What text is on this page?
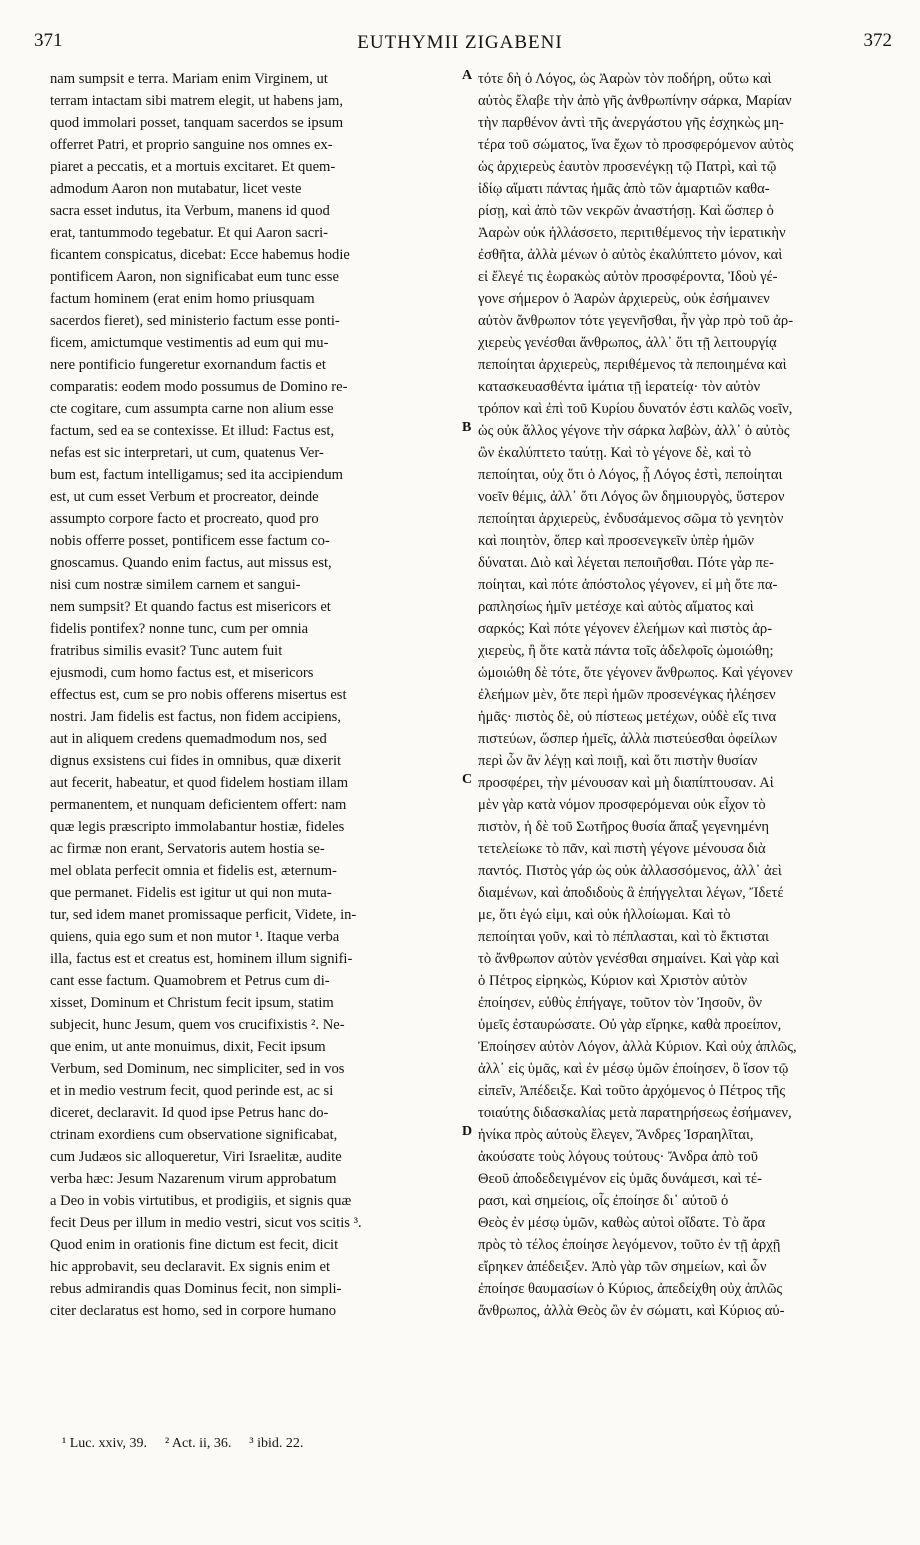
371	EUTHYMII ZIGABENI	372
nam sumpsit e terra. Mariam enim Virginem, ut
terram intactam sibi matrem elegit, ut habens jam,
quod immolari posset, tanquam sacerdos se ipsum
offerret Patri, et proprio sanguine nos omnes ex-
piaret a peccatis, et a mortuis excitaret. Et quem-
admodum Aaron non mutabatur, licet veste
sacra esset indutus, ita Verbum, manens id quod
erat, tantummodo tegebatur. Et qui Aaron sacri-
ficantem conspicatus, dicebat: Ecce habemus hodie
pontificem Aaron, non significabat eum tunc esse
factum hominem (erat enim homo priusquam
sacerdos fieret), sed ministerio factum esse ponti-
ficem, amictumque vestimentis ad eum qui mu-
nere pontificio fungeretur exornandum factis et
comparatis: eodem modo possumus de Domino re-
cte cogitare, cum assumpta carne non alium esse
factum, sed ea se contexisse. Et illud: Factus est,
nefas est sic interpretari, ut cum, quatenus Ver-
bum est, factum intelligamus; sed ita accipiendum
est, ut cum esset Verbum et procreator, deinde
assumpto corpore facto et procreato, quod pro
nobis offerre posset, pontificem esse factum co-
gnoscamus. Quando enim factus, aut missus est,
nisi cum nostræ similem carnem et sangui-
nem sumpsit? Et quando factus est misericors et
fidelis pontifex? nonne tunc, cum per omnia
fratribus similis evasit? Tunc autem fuit
ejusmodi, cum homo factus est, et misericors
effectus est, cum se pro nobis offerens misertus est
nostri. Jam fidelis est factus, non fidem accipiens,
aut in aliquem credens quemadmodum nos, sed
dignus exsistens cui fides in omnibus, quæ dixerit
aut fecerit, habeatur, et quod fidelem hostiam illam
permanentem, et nunquam deficientem offert: nam
quæ legis præscripto immolabantur hostiæ, fideles
ac firmæ non erant, Servatoris autem hostia se-
mel oblata perfecit omnia et fidelis est, æternum-
que permanet. Fidelis est igitur ut qui non muta-
tur, sed idem manet promissaque perficit, Videte, in-
quiens, quia ego sum et non mutor ¹. Itaque verba
illa, factus est et creatus est, hominem illum signifi-
cant esse factum. Quamobrem et Petrus cum di-
xisset, Dominum et Christum fecit ipsum, statim
subjecit, hunc Jesum, quem vos crucifixistis ². Ne-
que enim, ut ante monuimus, dixit, Fecit ipsum
Verbum, sed Dominum, nec simpliciter, sed in vos
et in medio vestrum fecit, quod perinde est, ac si
diceret, declaravit. Id quod ipse Petrus hanc do-
ctrinam exordiens cum observatione significabat,
cum Judæos sic alloqueretur, Viri Israelitæ, audite
verba hæc: Jesum Nazarenum virum approbatum
a Deo in vobis virtutibus, et prodigiis, et signis quæ
fecit Deus per illum in medio vestri, sicut vos scitis ³.
Quod enim in orationis fine dictum est fecit, dicit
hic approbavit, seu declaravit. Ex signis enim et
rebus admirandis quas Dominus fecit, non simpli-
citer declaratus est homo, sed in corpore humano
τότε δὴ ὁ Λόγος, ὡς Ἀαρὼν τὸν ποδήρη, οὕτω καὶ
αὐτὸς ἔλαβε τὴν ἀπὸ γῆς ἀνθρωπίνην σάρκα, Μαρίαν
τὴν παρθένον ἀντὶ τῆς ἀνεργάστου γῆς ἐσχηκὼς μη-
τέρα τοῦ σώματος, ἵνα ἔχων τὸ προσφερόμενον αὐτὸς
ὡς ἀρχιερεὺς ἑαυτὸν προσενέγκῃ τῷ Πατρὶ, καὶ τῷ
ἰδίῳ αἵματι πάντας ἡμᾶς ἀπὸ τῶν ἁμαρτιῶν καθα-
ρίσῃ, καὶ ἀπὸ τῶν νεκρῶν ἀναστήσῃ. Καὶ ὥσπερ ὁ
Ἀαρὼν οὐκ ἠλλάσσετο, περιτιθέμενος τὴν ἱερατικὴν
ἐσθῆτα, ἀλλὰ μένων ὁ αὐτὸς ἐκαλύπτετο μόνον, καὶ
εἰ ἔλεγέ τις ἑωρακὼς αὐτὸν προσφέροντα, Ἰδοὺ γέ-
γονε σήμερον ὁ Ἀαρὼν ἀρχιερεὺς, οὐκ ἐσήμαινεν
αὐτὸν ἄνθρωπον τότε γεγενῆσθαι, ἦν γὰρ πρὸ τοῦ ἀρ-
χιερεὺς γενέσθαι ἄνθρωπος, ἀλλ᾽ ὅτι τῇ λειτουργίᾳ
πεποίηται ἀρχιερεὺς, περιθέμενος τὰ πεποιημένα καὶ
κατασκευασθέντα ἱμάτια τῇ ἱερατείᾳ· τὸν αὐτὸν
τρόπον καὶ ἐπὶ τοῦ Κυρίου δυνατόν ἐστι καλῶς νοεῖν,
ὡς οὐκ ἄλλος γέγονε τὴν σάρκα λαβὼν, ἀλλ᾽ ὁ αὐτὸς
ὢν ἐκαλύπτετο ταύτῃ. Καὶ τὸ γέγονε δὲ, καὶ τὸ
πεποίηται, οὐχ ὅτι ὁ Λόγος, ᾗ Λόγος ἐστὶ, πεποίηται
νοεῖν θέμις, ἀλλ᾽ ὅτι Λόγος ὢν δημιουργὸς, ὕστερον
πεποίηται ἀρχιερεὺς, ἐνδυσάμενος σῶμα τὸ γενητὸν
καὶ ποιητὸν, ὅπερ καὶ προσενεγκεῖν ὑπὲρ ἡμῶν
δύναται. Διὸ καὶ λέγεται πεποιῆσθαι. Πότε γὰρ πε-
ποίηται, καὶ πότε ἀπόστολος γέγονεν, εἰ μὴ ὅτε πα-
ραπλησίως ἡμῖν μετέσχε καὶ αὐτὸς αἵματος καὶ
σαρκός; Καὶ πότε γέγονεν ἐλεήμων καὶ πιστὸς ἀρ-
χιερεὺς, ἢ ὅτε κατὰ πάντα τοῖς ἀδελφοῖς ὡμοιώθη;
ὡμοιώθη δὲ τότε, ὅτε γέγονεν ἄνθρωπος. Καὶ γέγονεν
ἐλεήμων μὲν, ὅτε περὶ ἡμῶν προσενέγκας ἠλέησεν
ἡμᾶς· πιστὸς δὲ, οὐ πίστεως μετέχων, οὐδὲ εἴς τινα
πιστεύων, ὥσπερ ἡμεῖς, ἀλλὰ πιστεύεσθαι ὀφείλων
περὶ ὧν ἂν λέγῃ καὶ ποιῇ, καὶ ὅτι πιστὴν θυσίαν
προσφέρει, τὴν μένουσαν καὶ μὴ διαπίπτουσαν. Αἱ
μὲν γὰρ κατὰ νόμον προσφερόμεναι οὐκ εἶχον τὸ
πιστὸν, ἡ δὲ τοῦ Σωτῆρος θυσία ἅπαξ γεγενημένη
τετελείωκε τὸ πᾶν, καὶ πιστὴ γέγονε μένουσα διὰ
παντός. Πιστὸς γάρ ὡς οὐκ ἀλλασσόμενος, ἀλλ᾽ ἀεὶ
διαμένων, καὶ ἀποδιδοὺς ἃ ἐπήγγελται λέγων, Ἴδετέ
με, ὅτι ἐγώ εἰμι, καὶ οὐκ ἠλλοίωμαι. Καὶ τὸ
πεποίηται γοῦν, καὶ τὸ πέπλασται, καὶ τὸ ἔκτισται
τὸ ἄνθρωπον αὐτὸν γενέσθαι σημαίνει. Καὶ γὰρ καὶ
ὁ Πέτρος εἰρηκὼς, Κύριον καὶ Χριστὸν αὐτὸν
ἐποίησεν, εὐθὺς ἐπήγαγε, τοῦτον τὸν Ἰησοῦν, ὃν
ὑμεῖς ἐσταυρώσατε. Οὐ γὰρ εἴρηκε, καθὰ προείπον,
Ἐποίησεν αὐτὸν Λόγον, ἀλλὰ Κύριον. Καὶ οὐχ ἁπλῶς,
ἀλλ᾽ εἰς ὑμᾶς, καὶ ἐν μέσῳ ὑμῶν ἐποίησεν, ὃ ἴσον τῷ
εἰπεῖν, Ἀπέδειξε. Καὶ τοῦτο ἀρχόμενος ὁ Πέτρος τῆς
τοιαύτης διδασκαλίας μετὰ παρατηρήσεως ἐσήμανεν,
ἡνίκα πρὸς αὐτοὺς ἔλεγεν, Ἄνδρες Ἰσραηλῖται,
ἀκούσατε τοὺς λόγους τούτους· Ἄνδρα ἀπὸ τοῦ
Θεοῦ ἀποδεδειγμένον εἰς ὑμᾶς δυνάμεσι, καὶ τέ-
ρασι, καὶ σημείοις, οἷς ἐποίησε δι᾽ αὐτοῦ ὁ
Θεὸς ἐν μέσῳ ὑμῶν, καθὼς αὐτοὶ οἴδατε. Τὸ ἄρα
πρὸς τὸ τέλος ἐποίησε λεγόμενον, τοῦτο ἐν τῇ ἀρχῇ
εἴρηκεν ἀπέδειξεν. Ἀπὸ γὰρ τῶν σημείων, καὶ ὧν
ἐποίησε θαυμασίων ὁ Κύριος, ἀπεδείχθη οὐχ ἁπλῶς
ἄνθρωπος, ἀλλὰ Θεὸς ὢν ἐν σώματι, καὶ Κύριος αὐ-
A
B
C
D
¹ Luc. xxiv, 39. ² Act. ii, 36. ³ ibid. 22.
